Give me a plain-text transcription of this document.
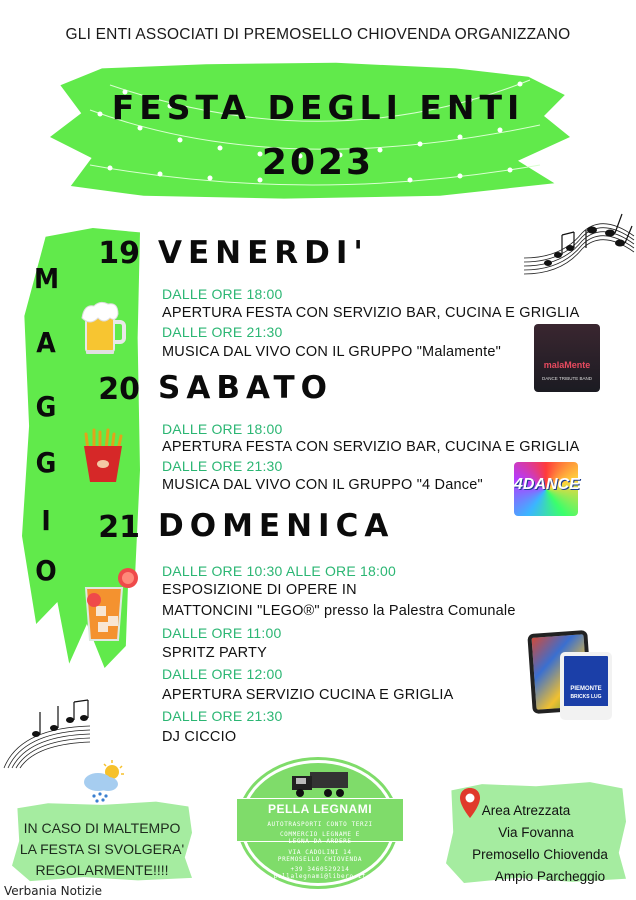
GLI ENTI ASSOCIATI DI PREMOSELLO CHIOVENDA ORGANIZZANO
FESTA DEGLI ENTI
2023
M
A
G
G
I
O
19 VENERDI'
DALLE ORE 18:00
APERTURA FESTA CON SERVIZIO BAR, CUCINA E GRIGLIA
DALLE ORE 21:30
MUSICA DAL VIVO CON IL GRUPPO "Malamente"
malaMente
DANCE TRIBUTE BAND
20 SABATO
DALLE ORE 18:00
APERTURA FESTA CON SERVIZIO BAR, CUCINA E GRIGLIA
DALLE ORE 21:30
MUSICA DAL VIVO CON IL GRUPPO "4 Dance" 4DANCE
21 DOMENICA
DALLE ORE 10:30 ALLE ORE 18:00
ESPOSIZIONE DI OPERE IN
MATTONCINI "LEGO®" presso la Palestra Comunale
DALLE ORE 11:00
SPRITZ PARTY
DALLE ORE 12:00
APERTURA SERVIZIO CUCINA E GRIGLIA
DALLE ORE 21:30
DJ CICCIO
PIEMONTE
BRICKS LUG
IN CASO DI MALTEMPO
LA FESTA SI SVOLGERA'
REGOLARMENTE!!!!
PELLA LEGNAMI
AUTOTRASPORTI CONTO TERZI
COMMERCIO LEGNAME E
LEGNA DA ARDERE
VIA CADOLINI 14
PREMOSELLO CHIOVENDA
+39 3460529214
pellalegnami@libero.it
Area Atrezzata
Via Fovanna
Premosello Chiovenda
Ampio Parcheggio
Verbania Notizie
